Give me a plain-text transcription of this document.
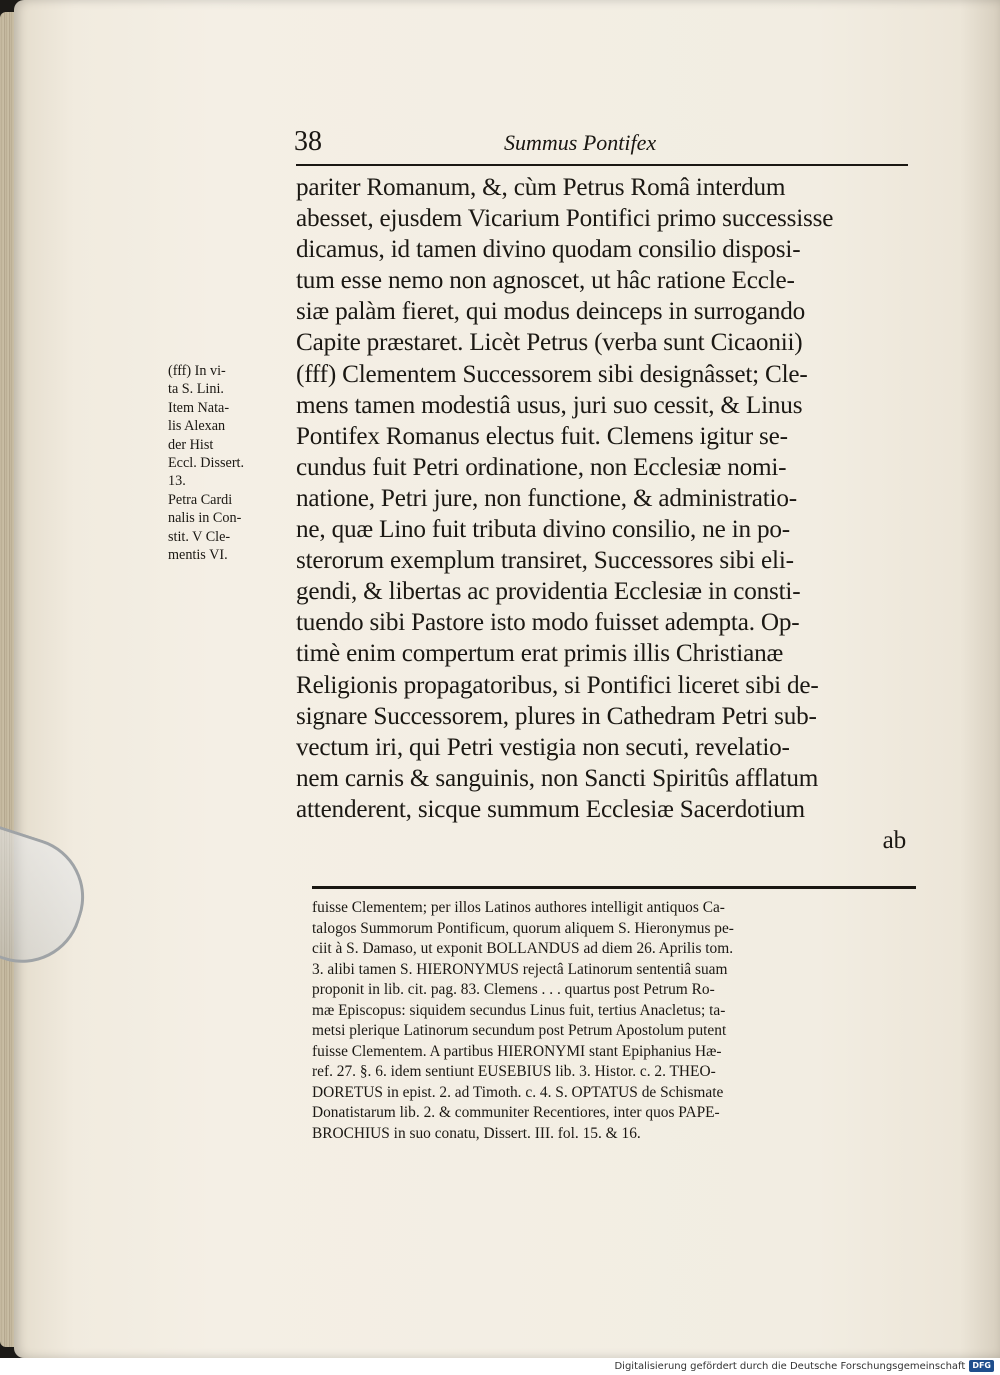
38	Summus Pontifex
(fff) In vi-
ta S. Lini.
Item Nata-
lis Alexan
der Hist
Eccl. Dissert.
13.
Petra Cardi
nalis in Con-
stit. V Cle-
mentis VI.
pariter Romanum, &, cùm Petrus Româ interdum
abesset, ejusdem Vicarium Pontifici primo successisse
dicamus, id tamen divino quodam consilio disposi-
tum esse nemo non agnoscet, ut hâc ratione Eccle-
siæ palàm fieret, qui modus deinceps in surrogando
Capite præstaret. Licèt Petrus (verba sunt Cicaonii)
(fff) Clementem Successorem sibi designâsset; Cle-
mens tamen modestiâ usus, juri suo cessit, & Linus
Pontifex Romanus electus fuit. Clemens igitur se-
cundus fuit Petri ordinatione, non Ecclesiæ nomi-
natione, Petri jure, non functione, & administratio-
ne, quæ Lino fuit tributa divino consilio, ne in po-
sterorum exemplum transiret, Successores sibi eli-
gendi, & libertas ac providentia Ecclesiæ in consti-
tuendo sibi Pastore isto modo fuisset adempta. Op-
timè enim compertum erat primis illis Christianæ
Religionis propagatoribus, si Pontifici liceret sibi de-
signare Successorem, plures in Cathedram Petri sub-
vectum iri, qui Petri vestigia non secuti, revelatio-
nem carnis & sanguinis, non Sancti Spiritûs afflatum
attenderent, sicque summum Ecclesiæ Sacerdotium
ab
fuisse Clementem; per illos Latinos authores intelligit antiquos Ca-
talogos Summorum Pontificum, quorum aliquem S. Hieronymus pe-
ciit à S. Damaso, ut exponit BOLLANDUS ad diem 26. Aprilis tom.
3. alibi tamen S. HIERONYMUS rejectâ Latinorum sententiâ suam
proponit in lib. cit. pag. 83. Clemens . . . quartus post Petrum Ro-
mæ Episcopus: siquidem secundus Linus fuit, tertius Anacletus; ta-
metsi plerique Latinorum secundum post Petrum Apostolum putent
fuisse Clementem. A partibus HIERONYMI stant Epiphanius Hæ-
ref. 27. §. 6. idem sentiunt EUSEBIUS lib. 3. Histor. c. 2. THEO-
DORETUS in epist. 2. ad Timoth. c. 4. S. OPTATUS de Schismate
Donatistarum lib. 2. & communiter Recentiores, inter quos PAPE-
BROCHIUS in suo conatu, Dissert. III. fol. 15. & 16.
Digitalisierung gefördert durch die Deutsche Forschungsgemeinschaft DFG
